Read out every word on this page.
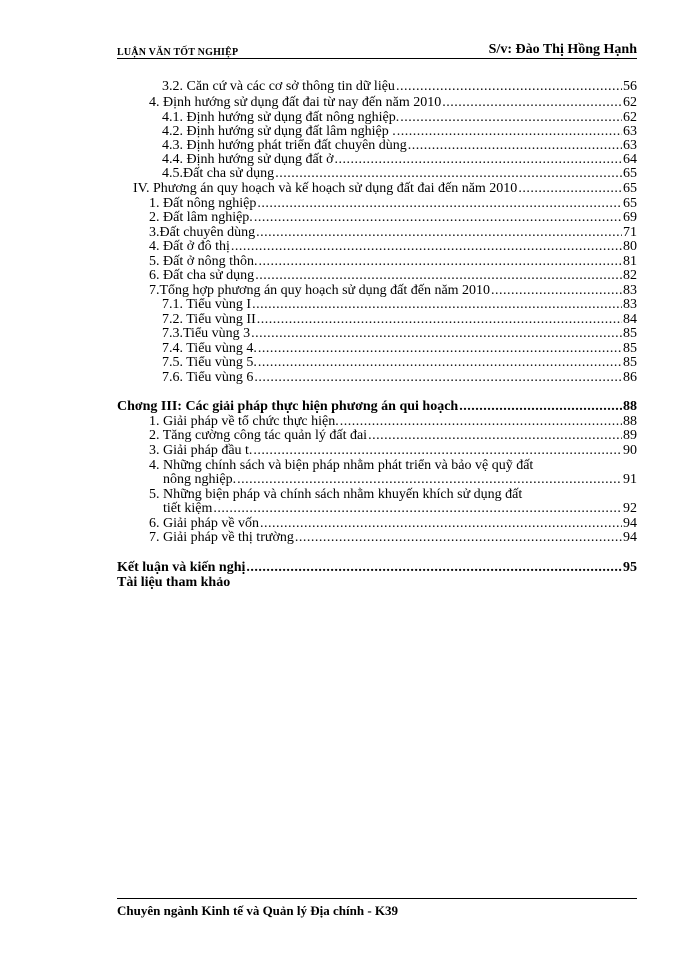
LUẬN VĂN TỐT NGHIỆP	S/v: Đào Thị Hồng Hạnh
3.2. Căn cứ và các cơ sở thông tin dữ liệu .....	56
4. Định hướng sử dụng đất đai từ nay đến năm 2010 .....	62
4.1. Định hướng sử dụng đất nông nghiệp. .....	62
4.2. Định hướng sử dụng đất lâm nghiệp . .....	63
4.3. Định hướng phát triển đất chuyên dùng .....	63
4.4. Định hướng sử dụng đất ở .....	64
4.5.Đất cha sử dụng .....	65
IV. Phương án quy hoạch và kế hoạch sử dụng đất đai đến năm 2010 .....	65
1. Đất nông nghiệp .....	65
2. Đất lâm nghiệp. .....	69
3.Đất chuyên dùng .....	71
4. Đất ở đô thị .....	80
5. Đất ở nông thôn. .....	81
6. Đất cha sử dụng .....	82
7.Tổng hợp phương án quy hoạch sử dụng đất đến năm 2010 .....	83
7.1. Tiểu vùng I .....	83
7.2. Tiểu vùng II .....	84
7.3.Tiểu vùng 3 .....	85
7.4. Tiểu vùng 4. .....	85
7.5. Tiểu vùng 5. .....	85
7.6. Tiểu vùng 6 .....	86
Chơng III: Các giải pháp thực hiện phương án qui hoạch .....	88
1. Giải pháp về tổ chức thực hiện. .....	88
2. Tăng cường công tác quản lý đất đai .....	89
3. Giải pháp đầu t. .....	90
4. Những chính sách và biện pháp nhằm phát triển và bảo vệ quỹ đất
nông nghiệp. .....	91
5. Những biện pháp và chính sách nhằm khuyến khích sử dụng đất
tiết kiệm .....	92
6. Giải pháp về vốn .....	94
7. Giải pháp về thị trường .....	94
Kết luận và kiến nghị .....	95
Tài liệu tham khảo
Chuyên ngành Kinh tế và Quản lý Địa chính - K39
